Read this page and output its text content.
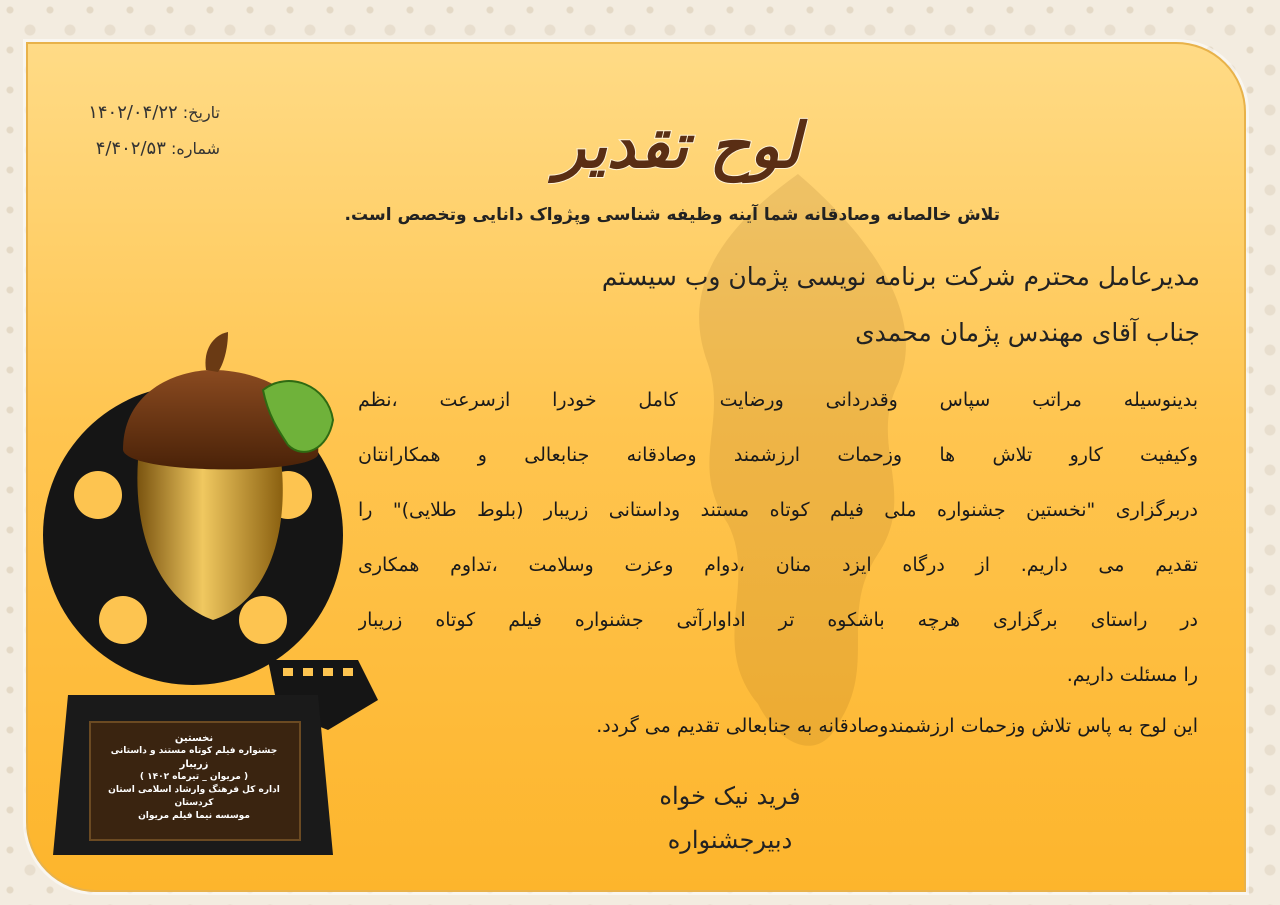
لوح تقدیر
تاریخ: ۱۴۰۲/۰۴/۲۲
شماره: ۴/۴۰۲/۵۳
تلاش خالصانه وصادقانه شما آینه وظیفه شناسی وپژواک دانایی وتخصص است.
مدیرعامل محترم شرکت برنامه نویسی پژمان وب سیستم
جناب آقای مهندس پژمان محمدی
بدینوسیله مراتب سپاس وقدردانی ورضایت کامل خودرا ازسرعت ،نظم
وکیفیت کارو تلاش ها وزحمات ارزشمند وصادقانه جنابعالی و همکارانتان
دربرگزاری "نخستین جشنواره ملی فیلم کوتاه مستند وداستانی زریبار (بلوط طلایی)" را
تقدیم می داریم. از درگاه ایزد منان ،دوام وعزت وسلامت ،تداوم همکاری
در راستای برگزاری هرچه باشکوه تر اداوارآتی جشنواره فیلم کوتاه زریبار
را مسئلت داریم.
این لوح به پاس تلاش وزحمات ارزشمندوصادقانه به جنابعالی تقدیم می گردد.
فرید نیک خواه
دبیرجشنواره
نخستین
جشنواره فیلم کوتاه مستند و داستانی
زریبار
( مریوان _ تیرماه ۱۴۰۲ )
اداره کل فرهنگ وارشاد اسلامی استان کردستان
موسسه نیما فیلم مریوان
